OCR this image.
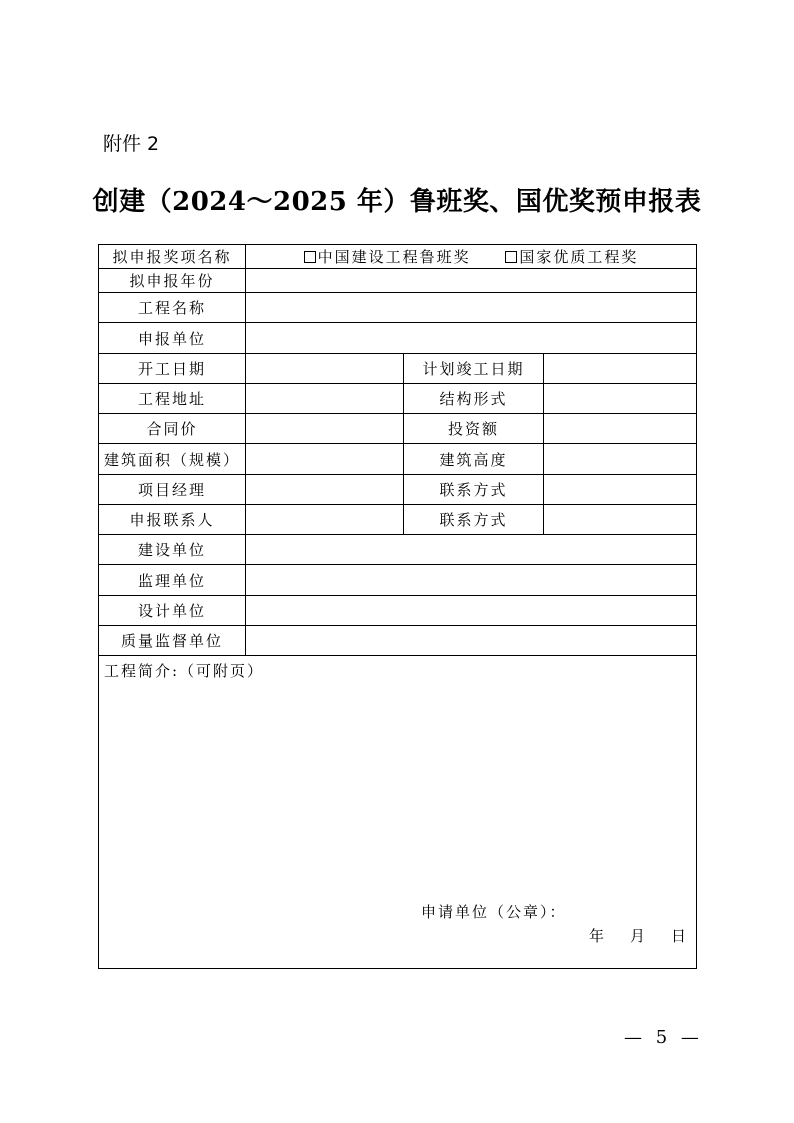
附件 2
创建（2024～2025 年）鲁班奖、国优奖预申报表
拟申报奖项名称	中国建设工程鲁班奖 国家优质工程奖		
拟申报年份			
工程名称			
申报单位			
开工日期		计划竣工日期	
工程地址		结构形式	
合同价		投资额	
建筑面积（规模）		建筑高度	
项目经理		联系方式	
申报联系人		联系方式	
建设单位			
监理单位			
设计单位			
质量监督单位			

工程简介:（可附页）
申请单位（公章）：
年 月 日			
— 5 —
